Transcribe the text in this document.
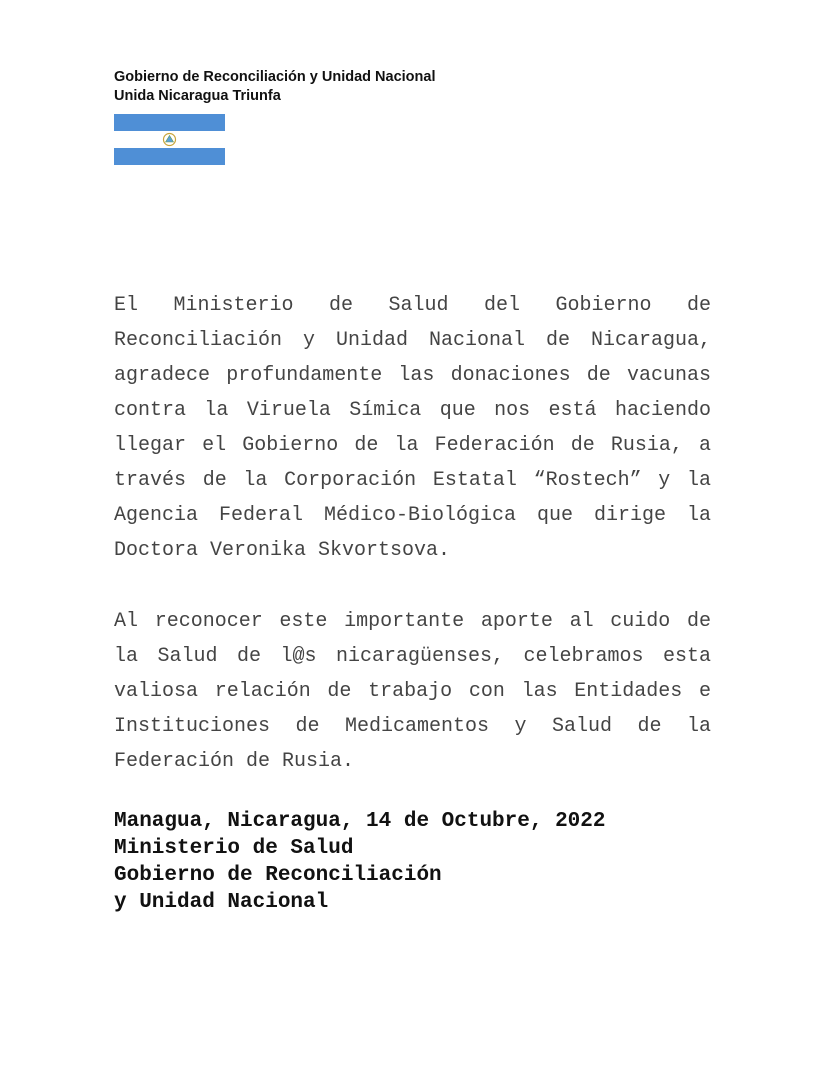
Gobierno de Reconciliación y Unidad Nacional
Unida Nicaragua Triunfa

El Ministerio de Salud del Gobierno de Reconciliación y Unidad Nacional de Nicaragua, agradece profundamente las donaciones de vacunas contra la Viruela Símica que nos está haciendo llegar el Gobierno de la Federación de Rusia, a través de la Corporación Estatal “Rostech” y la Agencia Federal Médico-Biológica que dirige la Doctora Veronika Skvortsova.

Al reconocer este importante aporte al cuido de la Salud de l@s nicaragüenses, celebramos esta valiosa relación de trabajo con las Entidades e Instituciones de Medicamentos y Salud de la Federación de Rusia.

Managua, Nicaragua, 14 de Octubre, 2022
Ministerio de Salud
Gobierno de Reconciliación
y Unidad Nacional
